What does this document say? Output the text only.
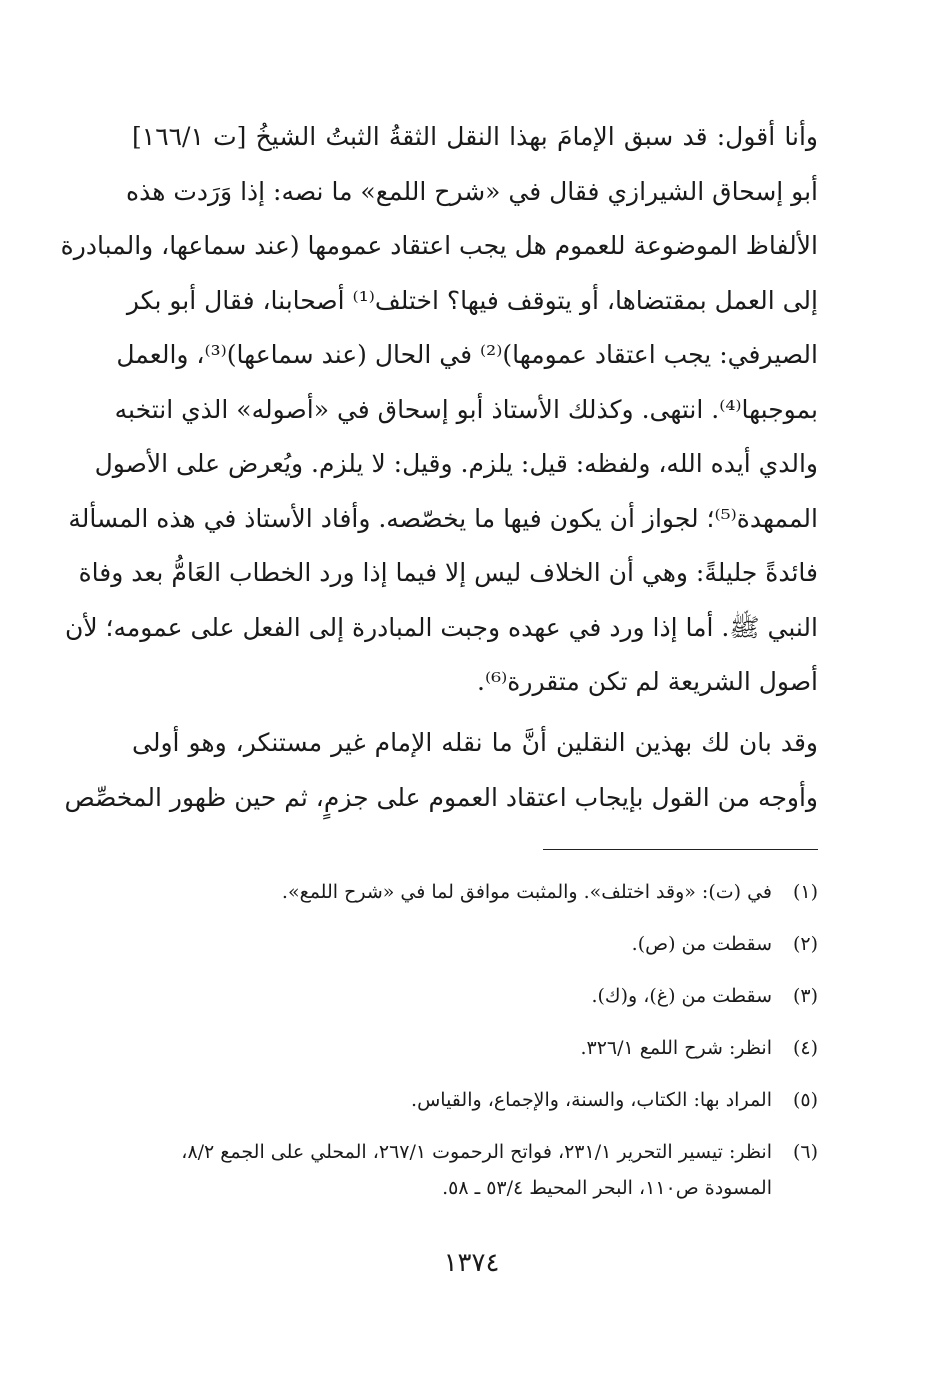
وأنا أقول: قد سبق الإمامَ بهذا النقل الثقةُ الثبتُ الشيخُ [ت ١٦٦/١]
أبو إسحاق الشيرازي فقال في «شرح اللمع» ما نصه: إذا وَرَدت هذه
الألفاظ الموضوعة للعموم هل يجب اعتقاد عمومها (عند سماعها، والمبادرة
إلى العمل بمقتضاها، أو يتوقف فيها؟ اختلف⁽¹⁾ أصحابنا، فقال أبو بكر
الصيرفي: يجب اعتقاد عمومها)⁽²⁾ في الحال (عند سماعها)⁽³⁾، والعمل
بموجبها⁽⁴⁾. انتهى. وكذلك الأستاذ أبو إسحاق في «أصوله» الذي انتخبه
والدي أيده الله، ولفظه: قيل: يلزم. وقيل: لا يلزم. ويُعرض على الأصول
الممهدة⁽⁵⁾؛ لجواز أن يكون فيها ما يخصّصه. وأفاد الأستاذ في هذه المسألة
فائدةً جليلةً: وهي أن الخلاف ليس إلا فيما إذا ورد الخطاب العَامُّ بعد وفاة
النبي ﷺ. أما إذا ورد في عهده وجبت المبادرة إلى الفعل على عمومه؛ لأن
أصول الشريعة لم تكن متقررة⁽⁶⁾.
وقد بان لك بهذين النقلين أنَّ ما نقله الإمام غير مستنكر، وهو أولى
وأوجه من القول بإيجاب اعتقاد العموم على جزمٍ، ثم حين ظهور المخصِّص
(١)
في (ت): «وقد اختلف». والمثبت موافق لما في «شرح اللمع».
(٢)
سقطت من (ص).
(٣)
سقطت من (غ)، و(ك).
(٤)
انظر: شرح اللمع ٣٢٦/١.
(٥)
المراد بها: الكتاب، والسنة، والإجماع، والقياس.
(٦)
انظر: تيسير التحرير ٢٣١/١، فواتح الرحموت ٢٦٧/١، المحلي على الجمع ٨/٢، المسودة ص١١٠، البحر المحيط ٥٣/٤ ـ ٥٨.
١٣٧٤
